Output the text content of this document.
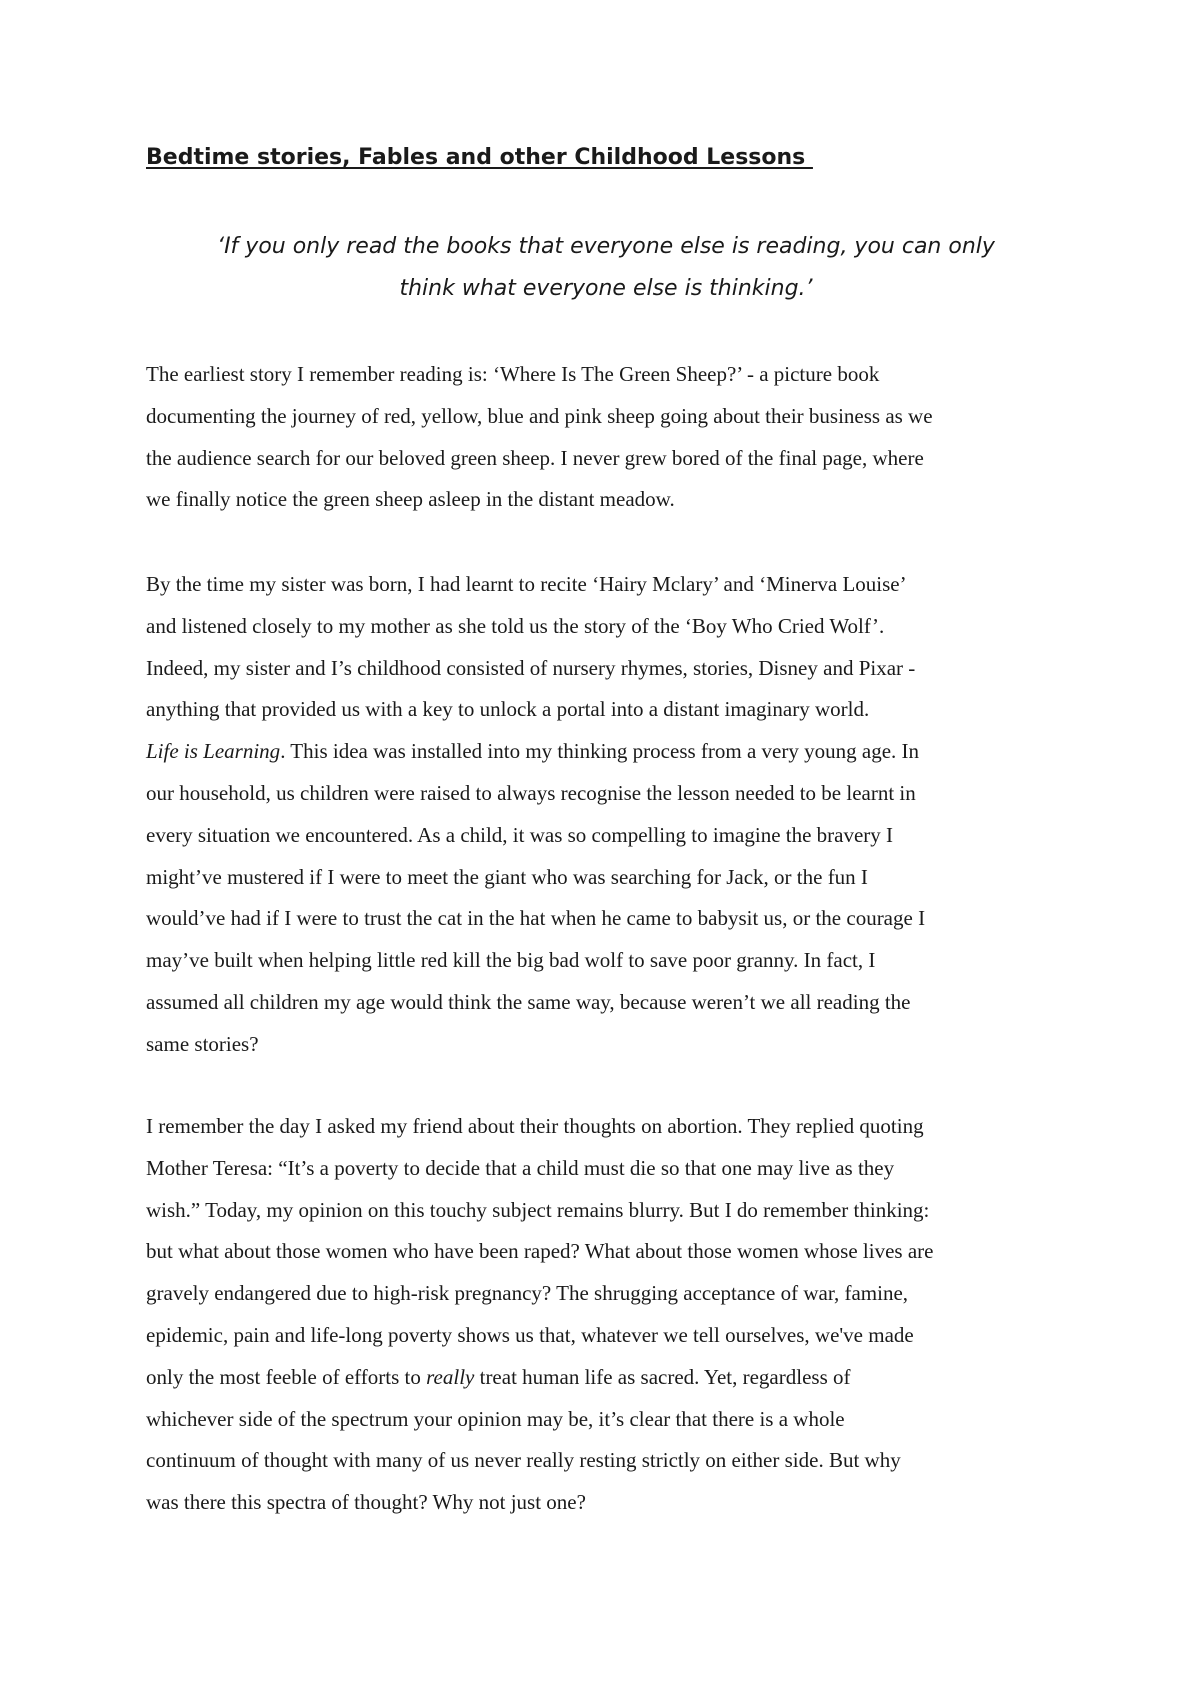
Bedtime stories, Fables and other Childhood Lessons
‘If you only read the books that everyone else is reading, you can only
think what everyone else is thinking.’
The earliest story I remember reading is: ‘Where Is The Green Sheep?’ - a picture book
documenting the journey of red, yellow, blue and pink sheep going about their business as we
the audience search for our beloved green sheep. I never grew bored of the final page, where
we finally notice the green sheep asleep in the distant meadow.
By the time my sister was born, I had learnt to recite ‘Hairy Mclary’ and ‘Minerva Louise’
and listened closely to my mother as she told us the story of the ‘Boy Who Cried Wolf’.
Indeed, my sister and I’s childhood consisted of nursery rhymes, stories, Disney and Pixar -
anything that provided us with a key to unlock a portal into a distant imaginary world.
Life is Learning. This idea was installed into my thinking process from a very young age. In
our household, us children were raised to always recognise the lesson needed to be learnt in
every situation we encountered. As a child, it was so compelling to imagine the bravery I
might’ve mustered if I were to meet the giant who was searching for Jack, or the fun I
would’ve had if I were to trust the cat in the hat when he came to babysit us, or the courage I
may’ve built when helping little red kill the big bad wolf to save poor granny. In fact, I
assumed all children my age would think the same way, because weren’t we all reading the
same stories?
I remember the day I asked my friend about their thoughts on abortion. They replied quoting
Mother Teresa: “It’s a poverty to decide that a child must die so that one may live as they
wish.” Today, my opinion on this touchy subject remains blurry. But I do remember thinking:
but what about those women who have been raped? What about those women whose lives are
gravely endangered due to high-risk pregnancy? The shrugging acceptance of war, famine,
epidemic, pain and life-long poverty shows us that, whatever we tell ourselves, we've made
only the most feeble of efforts to really treat human life as sacred. Yet, regardless of
whichever side of the spectrum your opinion may be, it’s clear that there is a whole
continuum of thought with many of us never really resting strictly on either side. But why
was there this spectra of thought? Why not just one?
